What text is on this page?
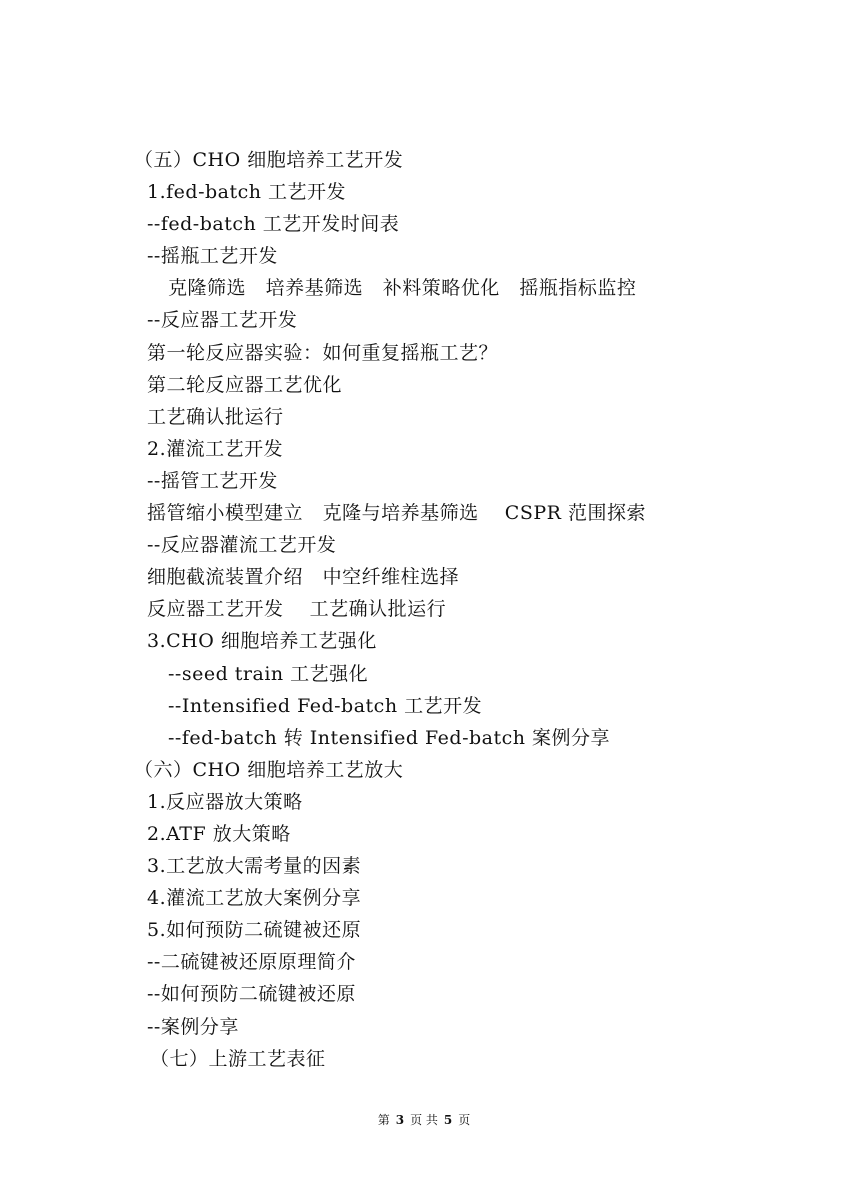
（五）CHO 细胞培养工艺开发
1.fed-batch 工艺开发
--fed-batch 工艺开发时间表
--摇瓶工艺开发
克隆筛选   培养基筛选   补料策略优化   摇瓶指标监控
--反应器工艺开发
第一轮反应器实验：如何重复摇瓶工艺？
第二轮反应器工艺优化
工艺确认批运行
2.灌流工艺开发
--摇管工艺开发
摇管缩小模型建立   克隆与培养基筛选    CSPR 范围探索
--反应器灌流工艺开发
细胞截流装置介绍   中空纤维柱选择
反应器工艺开发    工艺确认批运行
3.CHO 细胞培养工艺强化
--seed train 工艺强化
--Intensified Fed-batch 工艺开发
--fed-batch 转 Intensified Fed-batch 案例分享
（六）CHO 细胞培养工艺放大
1.反应器放大策略
2.ATF 放大策略
3.工艺放大需考量的因素
4.灌流工艺放大案例分享
5.如何预防二硫键被还原
--二硫键被还原原理简介
--如何预防二硫键被还原
--案例分享
（七）上游工艺表征
第 3 页 共 5 页
